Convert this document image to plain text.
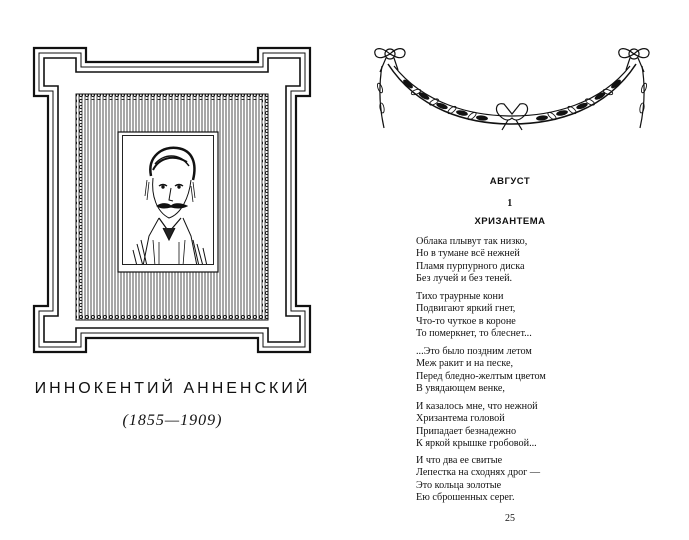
ИННОКЕНТИЙ АННЕНСКИЙ
(1855—1909)
АВГУСТ
1
ХРИЗАНТЕМА
Облака плывут так низко,
Но в тумане всё нежней
Пламя пурпурного диска
Без лучей и без теней.
Тихо траурные кони
Подвигают яркий гнет,
Что-то чуткое в короне
То померкнет, то блеснет...
...Это было поздним летом
Меж ракит и на песке,
Перед бледно-желтым цветом
В увядающем венке,
И казалось мне, что нежной
Хризантема головой
Припадает безнадежно
К яркой крышке гробовой...
И что два ее свитые
Лепестка на сходнях дрог —
Это кольца золотые
Ею сброшенных серег.
25
